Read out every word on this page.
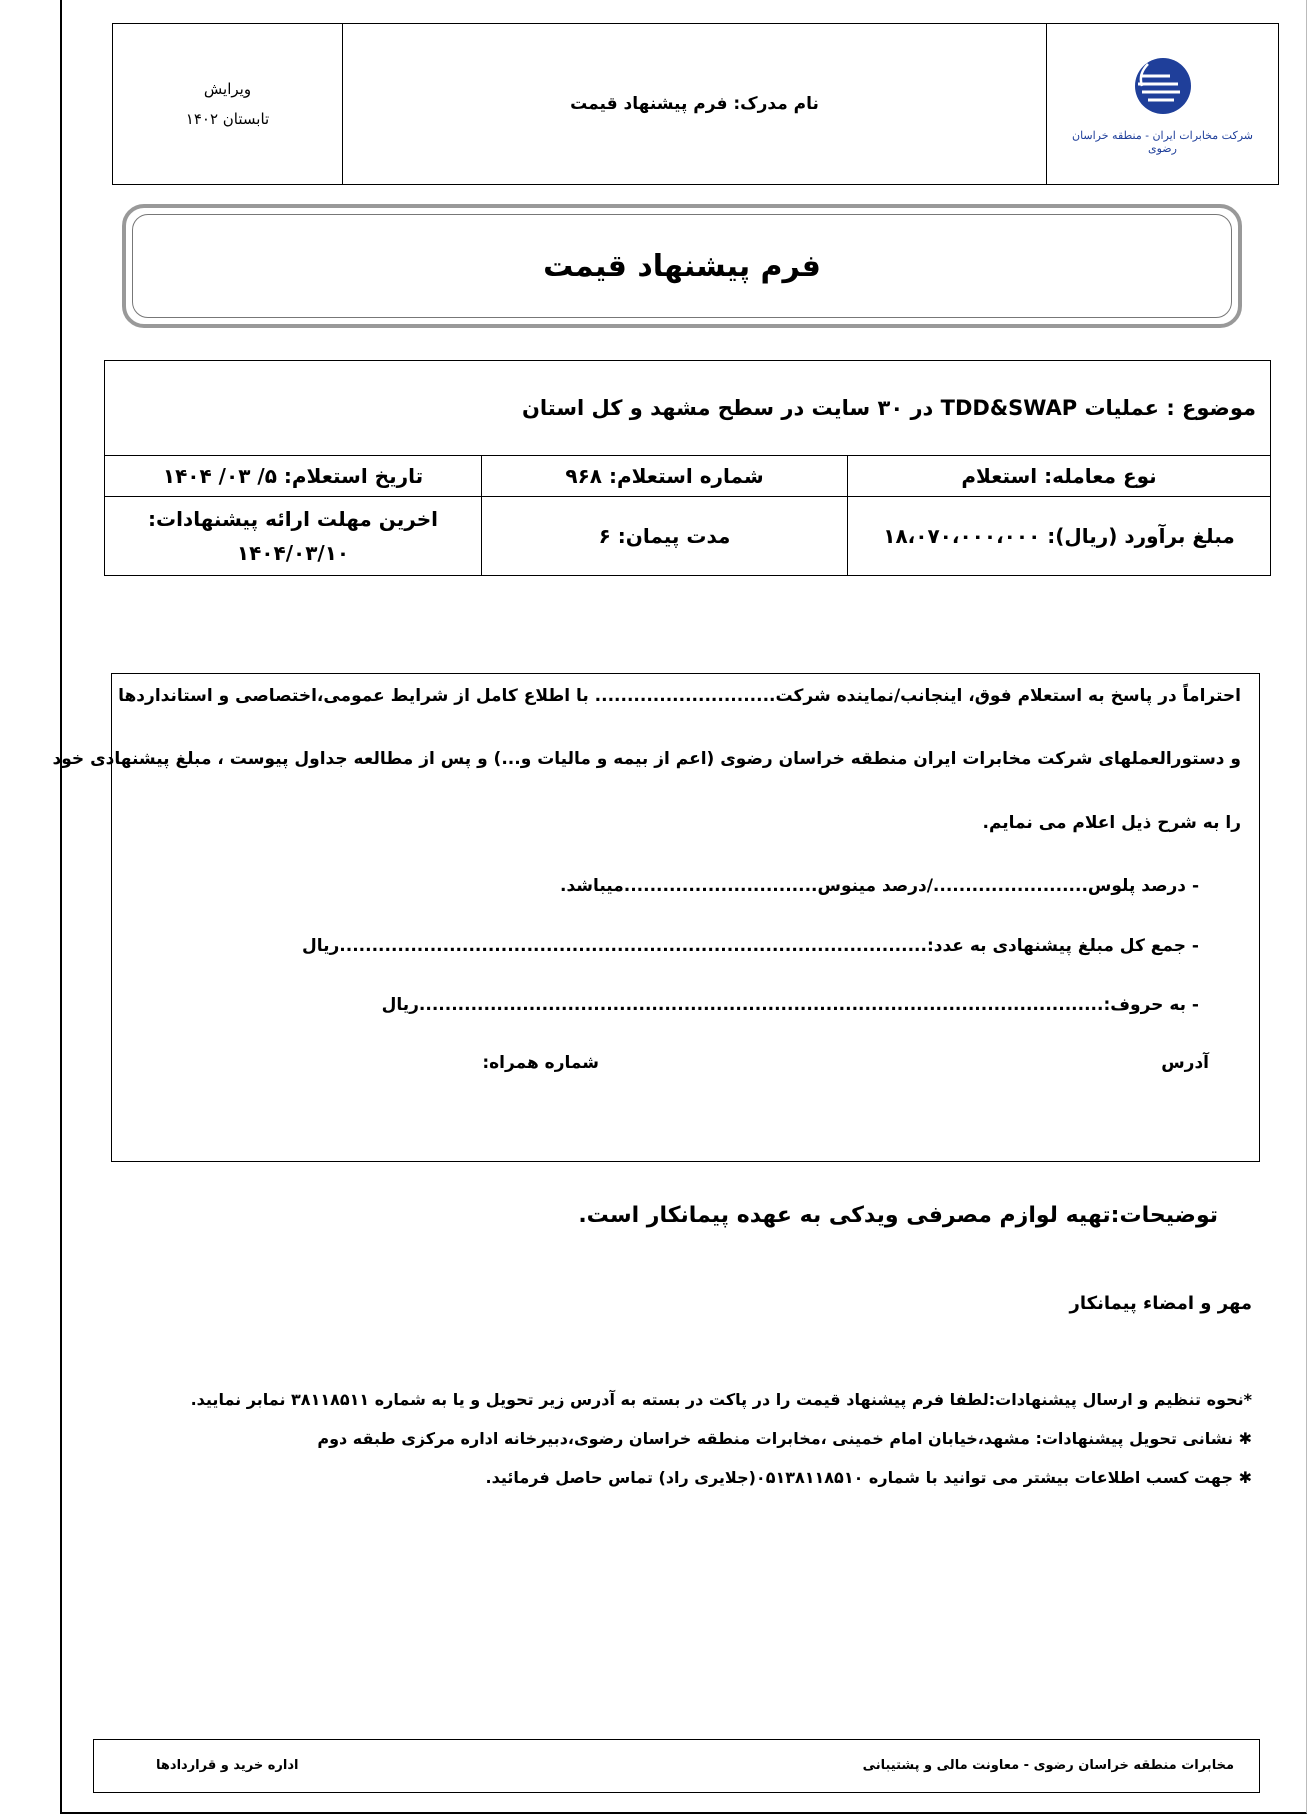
شرکت مخابرات ایران - منطقه خراسان رضوی
	نام مدرک: فرم پیشنهاد قیمت	
ویرایش
تابستان ۱۴۰۲
فرم پیشنهاد قیمت
موضوع : عملیات TDD&SWAP در ۳۰ سایت در سطح مشهد و کل استان		
نوع معامله: استعلام	شماره استعلام: ۹۶۸	تاریخ استعلام: ۵/ ۰۳/ ۱۴۰۴
مبلغ برآورد (ریال): ۱۸،۰۷۰،۰۰۰،۰۰۰	مدت پیمان: ۶	اخرین مهلت ارائه پیشنهادات:
۱۴۰۴/۰۳/۱۰
احتراماً در پاسخ به استعلام فوق، اینجانب/نماینده شرکت............................ با اطلاع کامل از شرایط عمومی،اختصاصی و استانداردها
و دستورالعملهای شرکت مخابرات ایران منطقه خراسان رضوی (اعم از بیمه و مالیات و...) و پس از مطالعه جداول پیوست ، مبلغ پیشنهادی خود
را به شرح ذیل اعلام می نمایم.
- درصد پلوس......................../درصد مینوس..............................میباشد.
- جمع کل مبلغ پیشنهادی به عدد:...........................................................................................ریال
- به حروف:..........................................................................................................ریال
آدرس
شماره همراه:
توضیحات:تهیه لوازم مصرفی ویدکی به عهده پیمانکار است.
مهر و امضاء پیمانکار
*نحوه تنظیم و ارسال پیشنهادات:لطفا فرم پیشنهاد قیمت را در پاکت در بسته به آدرس زیر تحویل و یا به شماره ۳۸۱۱۸۵۱۱ نمابر نمایید.
✱ نشانی تحویل پیشنهادات: مشهد،خیابان امام خمینی ،مخابرات منطقه خراسان رضوی،دبیرخانه اداره مرکزی طبقه دوم
✱ جهت کسب اطلاعات بیشتر می توانید با شماره ۰۵۱۳۸۱۱۸۵۱۰(جلایری راد) تماس حاصل فرمائید.
مخابرات منطقه خراسان رضوی - معاونت مالی و پشتیبانی
اداره خرید و قراردادها
